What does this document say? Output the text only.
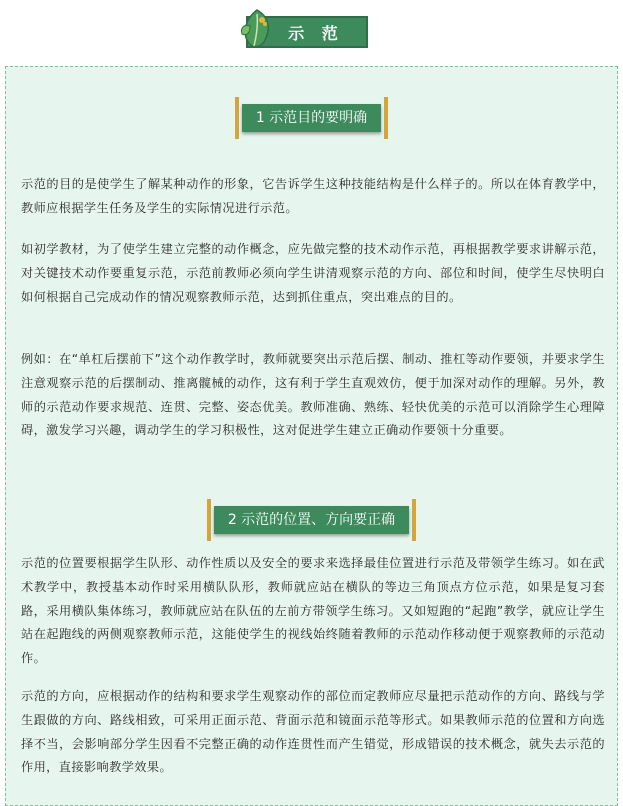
示 范
1 示范目的要明确

示范的目的是使学生了解某种动作的形象，它告诉学生这种技能结构是什么样子的。所以在体育教学中，教师应根据学生任务及学生的实际情况进行示范。

如初学教材，为了使学生建立完整的动作概念，应先做完整的技术动作示范，再根据教学要求讲解示范，对关键技术动作要重复示范，示范前教师必须向学生讲清观察示范的方向、部位和时间，使学生尽快明白如何根据自己完成动作的情况观察教师示范，达到抓住重点，突出难点的目的。

例如：在“单杠后摆前下”这个动作教学时，教师就要突出示范后摆、制动、推杠等动作要领，并要求学生注意观察示范的后摆制动、推离髋械的动作，这有利于学生直观效仿，便于加深对动作的理解。另外，教师的示范动作要求规范、连贯、完整、姿态优美。教师准确、熟练、轻快优美的示范可以消除学生心理障碍，激发学习兴趣，调动学生的学习积极性，这对促进学生建立正确动作要领十分重要。

2 示范的位置、方向要正确

示范的位置要根据学生队形、动作性质以及安全的要求来选择最佳位置进行示范及带领学生练习。如在武术教学中，教授基本动作时采用横队队形，教师就应站在横队的等边三角顶点方位示范，如果是复习套路，采用横队集体练习，教师就应站在队伍的左前方带领学生练习。又如短跑的“起跑”教学，就应让学生站在起跑线的两侧观察教师示范，这能使学生的视线始终随着教师的示范动作移动便于观察教师的示范动作。

示范的方向，应根据动作的结构和要求学生观察动作的部位而定教师应尽量把示范动作的方向、路线与学生跟做的方向、路线相致，可采用正面示范、背面示范和镜面示范等形式。如果教师示范的位置和方向选择不当，会影响部分学生因看不完整正确的动作连贯性而产生错觉，形成错误的技术概念，就失去示范的作用，直接影响教学效果。
